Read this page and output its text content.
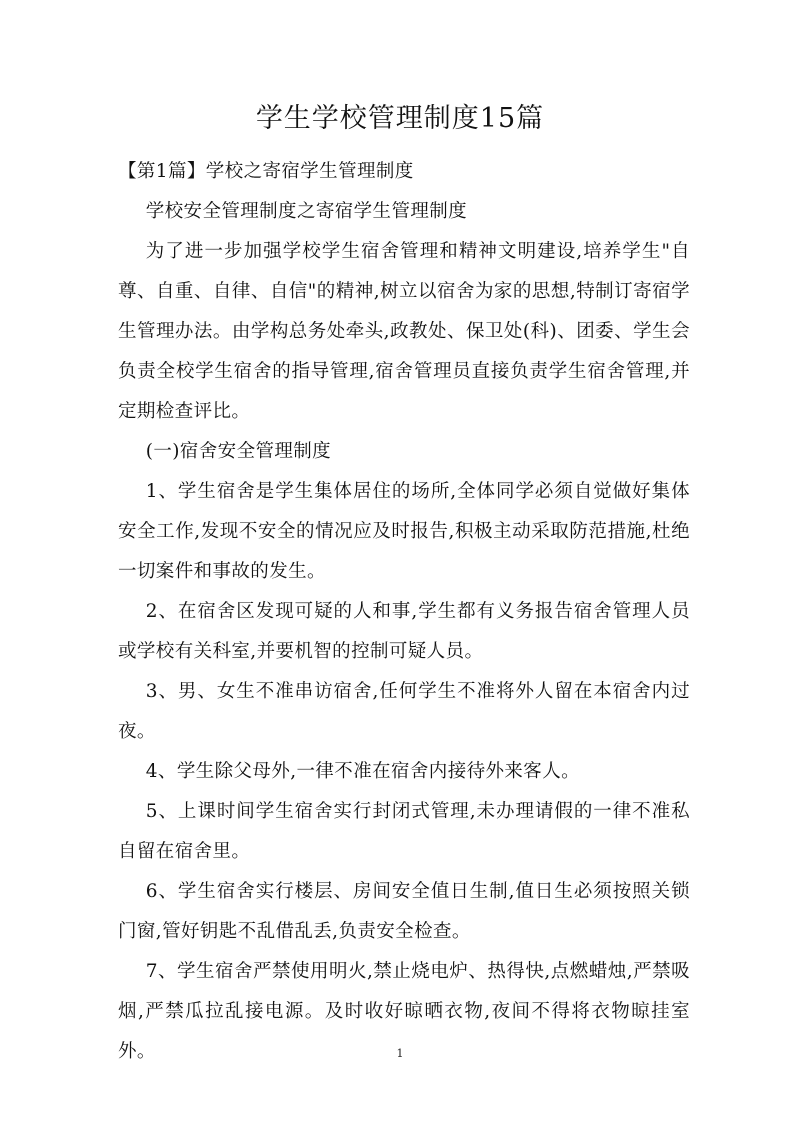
学生学校管理制度15篇

【第1篇】学校之寄宿学生管理制度

学校安全管理制度之寄宿学生管理制度

为了进一步加强学校学生宿舍管理和精神文明建设,培养学生"自尊、自重、自律、自信"的精神,树立以宿舍为家的思想,特制订寄宿学生管理办法。由学构总务处牵头,政教处、保卫处(科)、团委、学生会负责全校学生宿舍的指导管理,宿舍管理员直接负责学生宿舍管理,并定期检查评比。

(一)宿舍安全管理制度

1、学生宿舍是学生集体居住的场所,全体同学必须自觉做好集体安全工作,发现不安全的情况应及时报告,积极主动采取防范措施,杜绝一切案件和事故的发生。

2、在宿舍区发现可疑的人和事,学生都有义务报告宿舍管理人员或学校有关科室,并要机智的控制可疑人员。

3、男、女生不准串访宿舍,任何学生不准将外人留在本宿舍内过夜。

4、学生除父母外,一律不准在宿舍内接待外来客人。

5、上课时间学生宿舍实行封闭式管理,未办理请假的一律不准私自留在宿舍里。

6、学生宿舍实行楼层、房间安全值日生制,值日生必须按照关锁门窗,管好钥匙不乱借乱丢,负责安全检查。

7、学生宿舍严禁使用明火,禁止烧电炉、热得快,点燃蜡烛,严禁吸烟,严禁瓜拉乱接电源。及时收好晾晒衣物,夜间不得将衣物晾挂室外。	1
